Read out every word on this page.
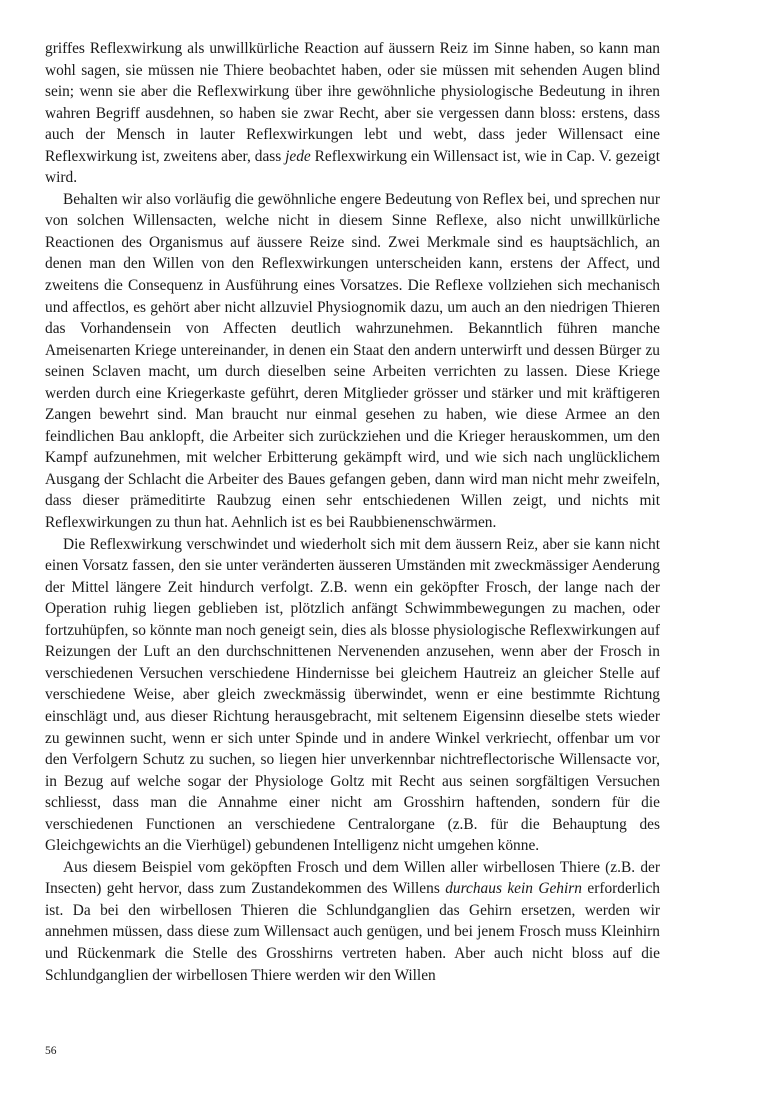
griffes Reflexwirkung als unwillkürliche Reaction auf äussern Reiz im Sinne haben, so kann man wohl sagen, sie müssen nie Thiere beobachtet haben, oder sie müssen mit sehenden Augen blind sein; wenn sie aber die Reflexwirkung über ihre gewöhnliche physiologische Bedeutung in ihren wahren Begriff ausdehnen, so haben sie zwar Recht, aber sie vergessen dann bloss: erstens, dass auch der Mensch in lauter Reflexwirkungen lebt und webt, dass jeder Willensact eine Reflexwirkung ist, zweitens aber, dass jede Reflexwirkung ein Willensact ist, wie in Cap. V. gezeigt wird.

Behalten wir also vorläufig die gewöhnliche engere Bedeutung von Reflex bei, und sprechen nur von solchen Willensacten, welche nicht in diesem Sinne Reflexe, also nicht unwillkürliche Reactionen des Organismus auf äussere Reize sind. Zwei Merkmale sind es hauptsächlich, an denen man den Willen von den Reflexwirkungen unterscheiden kann, erstens der Affect, und zweitens die Consequenz in Ausführung eines Vorsatzes. Die Reflexe vollziehen sich mechanisch und affectlos, es gehört aber nicht allzuviel Physiognomik dazu, um auch an den niedrigen Thieren das Vorhandensein von Affecten deutlich wahrzunehmen. Bekanntlich führen manche Ameisenarten Kriege untereinander, in denen ein Staat den andern unterwirft und dessen Bürger zu seinen Sclaven macht, um durch dieselben seine Arbeiten verrichten zu lassen. Diese Kriege werden durch eine Kriegerkaste geführt, deren Mitglieder grösser und stärker und mit kräftigeren Zangen bewehrt sind. Man braucht nur einmal gesehen zu haben, wie diese Armee an den feindlichen Bau anklopft, die Arbeiter sich zurückziehen und die Krieger herauskommen, um den Kampf aufzunehmen, mit welcher Erbitterung gekämpft wird, und wie sich nach unglücklichem Ausgang der Schlacht die Arbeiter des Baues gefangen geben, dann wird man nicht mehr zweifeln, dass dieser prämeditirte Raubzug einen sehr entschiedenen Willen zeigt, und nichts mit Reflexwirkungen zu thun hat. Aehnlich ist es bei Raubbienenschwärmen.

Die Reflexwirkung verschwindet und wiederholt sich mit dem äussern Reiz, aber sie kann nicht einen Vorsatz fassen, den sie unter veränderten äusseren Umständen mit zweckmässiger Aenderung der Mittel längere Zeit hindurch verfolgt. Z.B. wenn ein geköpfter Frosch, der lange nach der Operation ruhig liegen geblieben ist, plötzlich anfängt Schwimmbewegungen zu machen, oder fortzuhüpfen, so könnte man noch geneigt sein, dies als blosse physiologische Reflexwirkungen auf Reizungen der Luft an den durchschnittenen Nervenenden anzusehen, wenn aber der Frosch in verschiedenen Versuchen verschiedene Hindernisse bei gleichem Hautreiz an gleicher Stelle auf verschiedene Weise, aber gleich zweckmässig überwindet, wenn er eine bestimmte Richtung einschlägt und, aus dieser Richtung herausgebracht, mit seltenem Eigensinn dieselbe stets wieder zu gewinnen sucht, wenn er sich unter Spinde und in andere Winkel verkriecht, offenbar um vor den Verfolgern Schutz zu suchen, so liegen hier unverkennbar nichtreflectorische Willensacte vor, in Bezug auf welche sogar der Physiologe Goltz mit Recht aus seinen sorgfältigen Versuchen schliesst, dass man die Annahme einer nicht am Grosshirn haftenden, sondern für die verschiedenen Functionen an verschiedene Centralorgane (z.B. für die Behauptung des Gleichgewichts an die Vierhügel) gebundenen Intelligenz nicht umgehen könne.

Aus diesem Beispiel vom geköpften Frosch und dem Willen aller wirbellosen Thiere (z.B. der Insecten) geht hervor, dass zum Zustandekommen des Willens durchaus kein Gehirn erforderlich ist. Da bei den wirbellosen Thieren die Schlundganglien das Gehirn ersetzen, werden wir annehmen müssen, dass diese zum Willensact auch genügen, und bei jenem Frosch muss Kleinhirn und Rückenmark die Stelle des Grosshirns vertreten haben. Aber auch nicht bloss auf die Schlundganglien der wirbellosen Thiere werden wir den Willen

56
